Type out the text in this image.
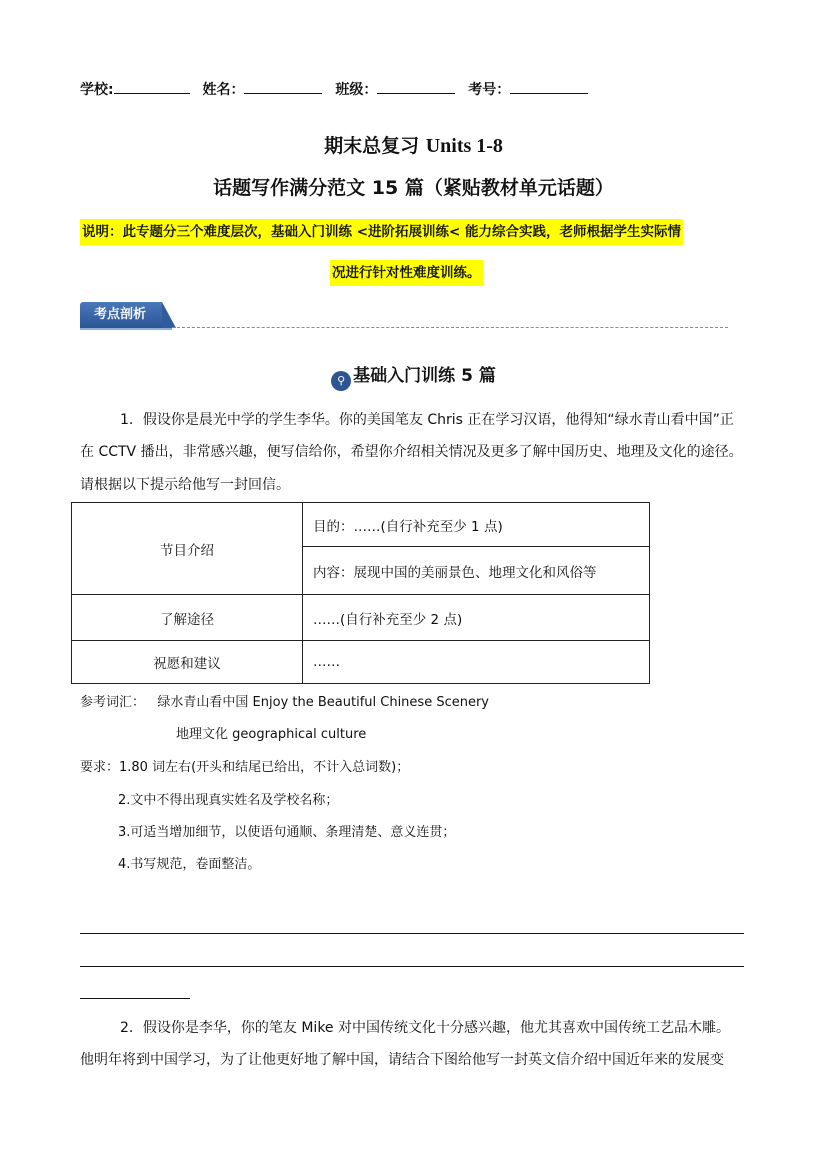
学校:	姓名：	班级：	考号：
期末总复习 Units 1-8
话题写作满分范文 15 篇（紧贴教材单元话题）
说明：此专题分三个难度层次，基础入门训练 <进阶拓展训练< 能力综合实践，老师根据学生实际情
况进行针对性难度训练。
考点剖析
⚲ 基础入门训练 5 篇
1．假设你是晨光中学的学生李华。你的美国笔友 Chris 正在学习汉语，他得知“绿水青山看中国”正
在 CCTV 播出，非常感兴趣，便写信给你，希望你介绍相关情况及更多了解中国历史、地理及文化的途径。
请根据以下提示给他写一封回信。
节目介绍	目的：……(自行补充至少 1 点)
	内容：展现中国的美丽景色、地理文化和风俗等
了解途径	……(自行补充至少 2 点)
祝愿和建议	……
参考词汇： 绿水青山看中国 Enjoy the Beautiful Chinese Scenery
地理文化 geographical culture
要求：1.80 词左右(开头和结尾已给出，不计入总词数)；
2.文中不得出现真实姓名及学校名称；
3.可适当增加细节，以使语句通顺、条理清楚、意义连贯；
4.书写规范，卷面整洁。
2．假设你是李华，你的笔友 Mike 对中国传统文化十分感兴趣，他尤其喜欢中国传统工艺品木雕。
他明年将到中国学习，为了让他更好地了解中国，请结合下图给他写一封英文信介绍中国近年来的发展变
